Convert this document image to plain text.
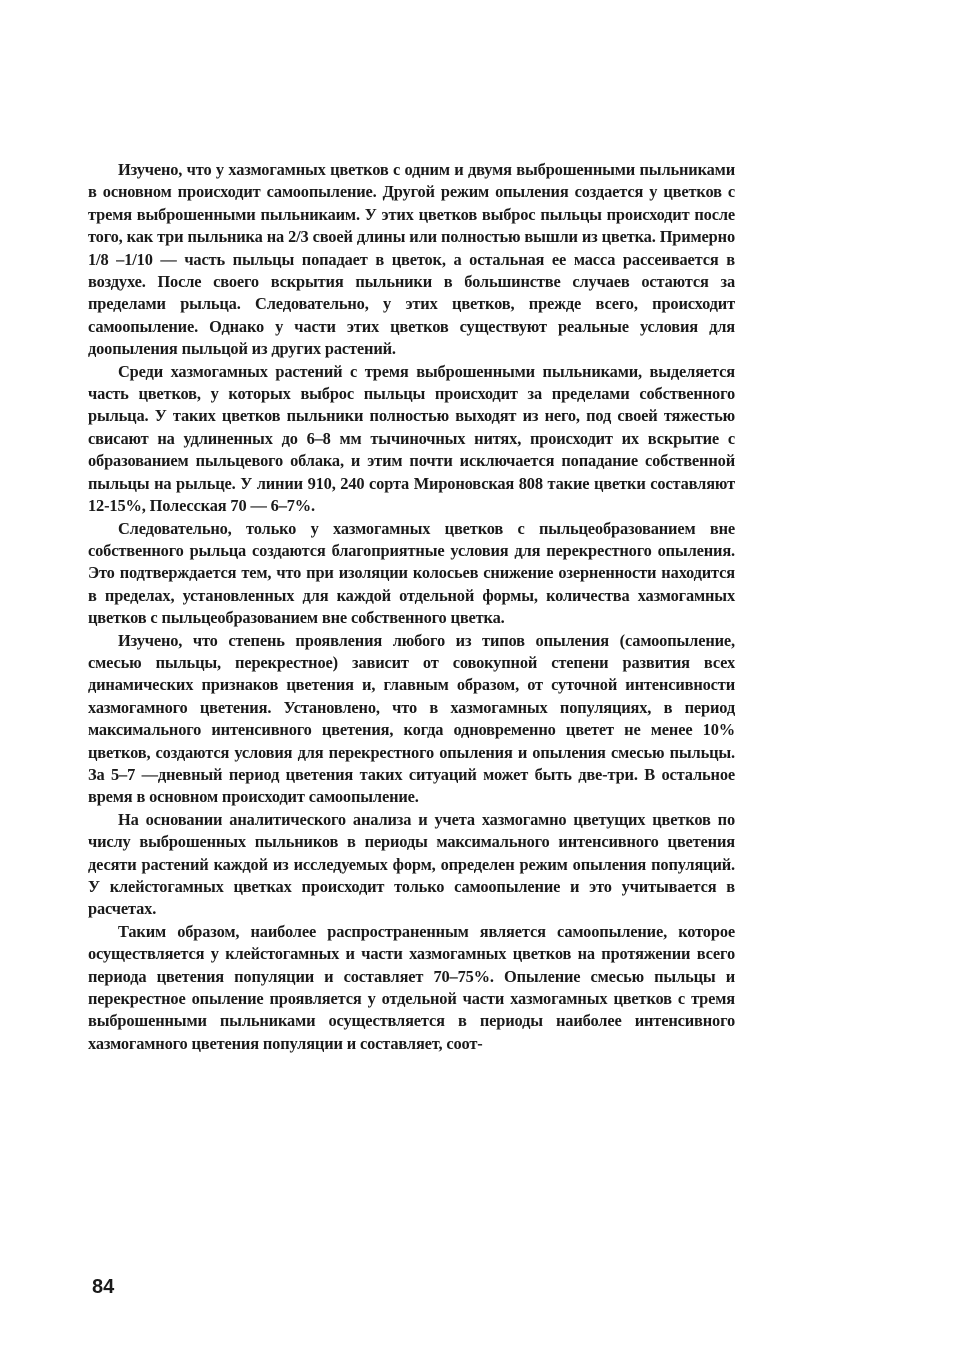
Изучено, что у хазмогамных цветков с одним и двумя выброшенными пыльниками в основном происходит самоопыление. Другой режим опыления создается у цветков с тремя выброшенными пыльникаим. У этих цветков выброс пыльцы происходит после того, как три пыльника на 2/3 своей длины или полностью вышли из цветка. Примерно 1/8 –1/10 — часть пыльцы попадает в цветок, а остальная ее масса рассеивается в воздухе. После своего вскрытия пыльники в большинстве случаев остаются за пределами рыльца. Следовательно, у этих цветков, прежде всего, происходит самоопыление. Однако у части этих цветков существуют реальные условия для доопыления пыльцой из других растений.

Среди хазмогамных растений с тремя выброшенными пыльниками, выделяется часть цветков, у которых выброс пыльцы происходит за пределами собственного рыльца. У таких цветков пыльники полностью выходят из него, под своей тяжестью свисают на удлиненных до 6–8 мм тычиночных нитях, происходит их вскрытие с образованием пыльцевого облака, и этим почти исключается попадание собственной пыльцы на рыльце. У линии 910, 240 сорта Мироновская 808 такие цветки составляют 12-15%, Полесская 70 — 6–7%.

Следовательно, только у хазмогамных цветков с пыльцеобразованием вне собственного рыльца создаются благоприятные условия для перекрестного опыления. Это подтверждается тем, что при изоляции колосьев снижение озерненности находится в пределах, установленных для каждой отдельной формы, количества хазмогамных цветков с пыльцеобразованием вне собственного цветка.

Изучено, что степень проявления любого из типов опыления (самоопыление, смесью пыльцы, перекрестное) зависит от совокупной степени развития всех динамических признаков цветения и, главным образом, от суточной интенсивности хазмогамного цветения. Установлено, что в хазмогамных популяциях, в период максимального интенсивного цветения, когда одновременно цветет не менее 10% цветков, создаются условия для перекрестного опыления и опыления смесью пыльцы. За 5–7 —дневный период цветения таких ситуаций может быть две-три. В остальное время в основном происходит самоопыление.

На основании аналитического анализа и учета хазмогамно цветущих цветков по числу выброшенных пыльников в периоды максимального интенсивного цветения десяти растений каждой из исследуемых форм, определен режим опыления популяций. У клейстогамных цветках происходит только самоопыление и это учитывается в расчетах.

Таким образом, наиболее распространенным является самоопыление, которое осуществляется у клейстогамных и части хазмогамных цветков на протяжении всего периода цветения популяции и составляет 70–75%. Опыление смесью пыльцы и перекрестное опыление проявляется у отдельной части хазмогамных цветков с тремя выброшенными пыльниками осуществляется в периоды наиболее интенсивного хазмогамного цветения популяции и составляет, соот-

84
